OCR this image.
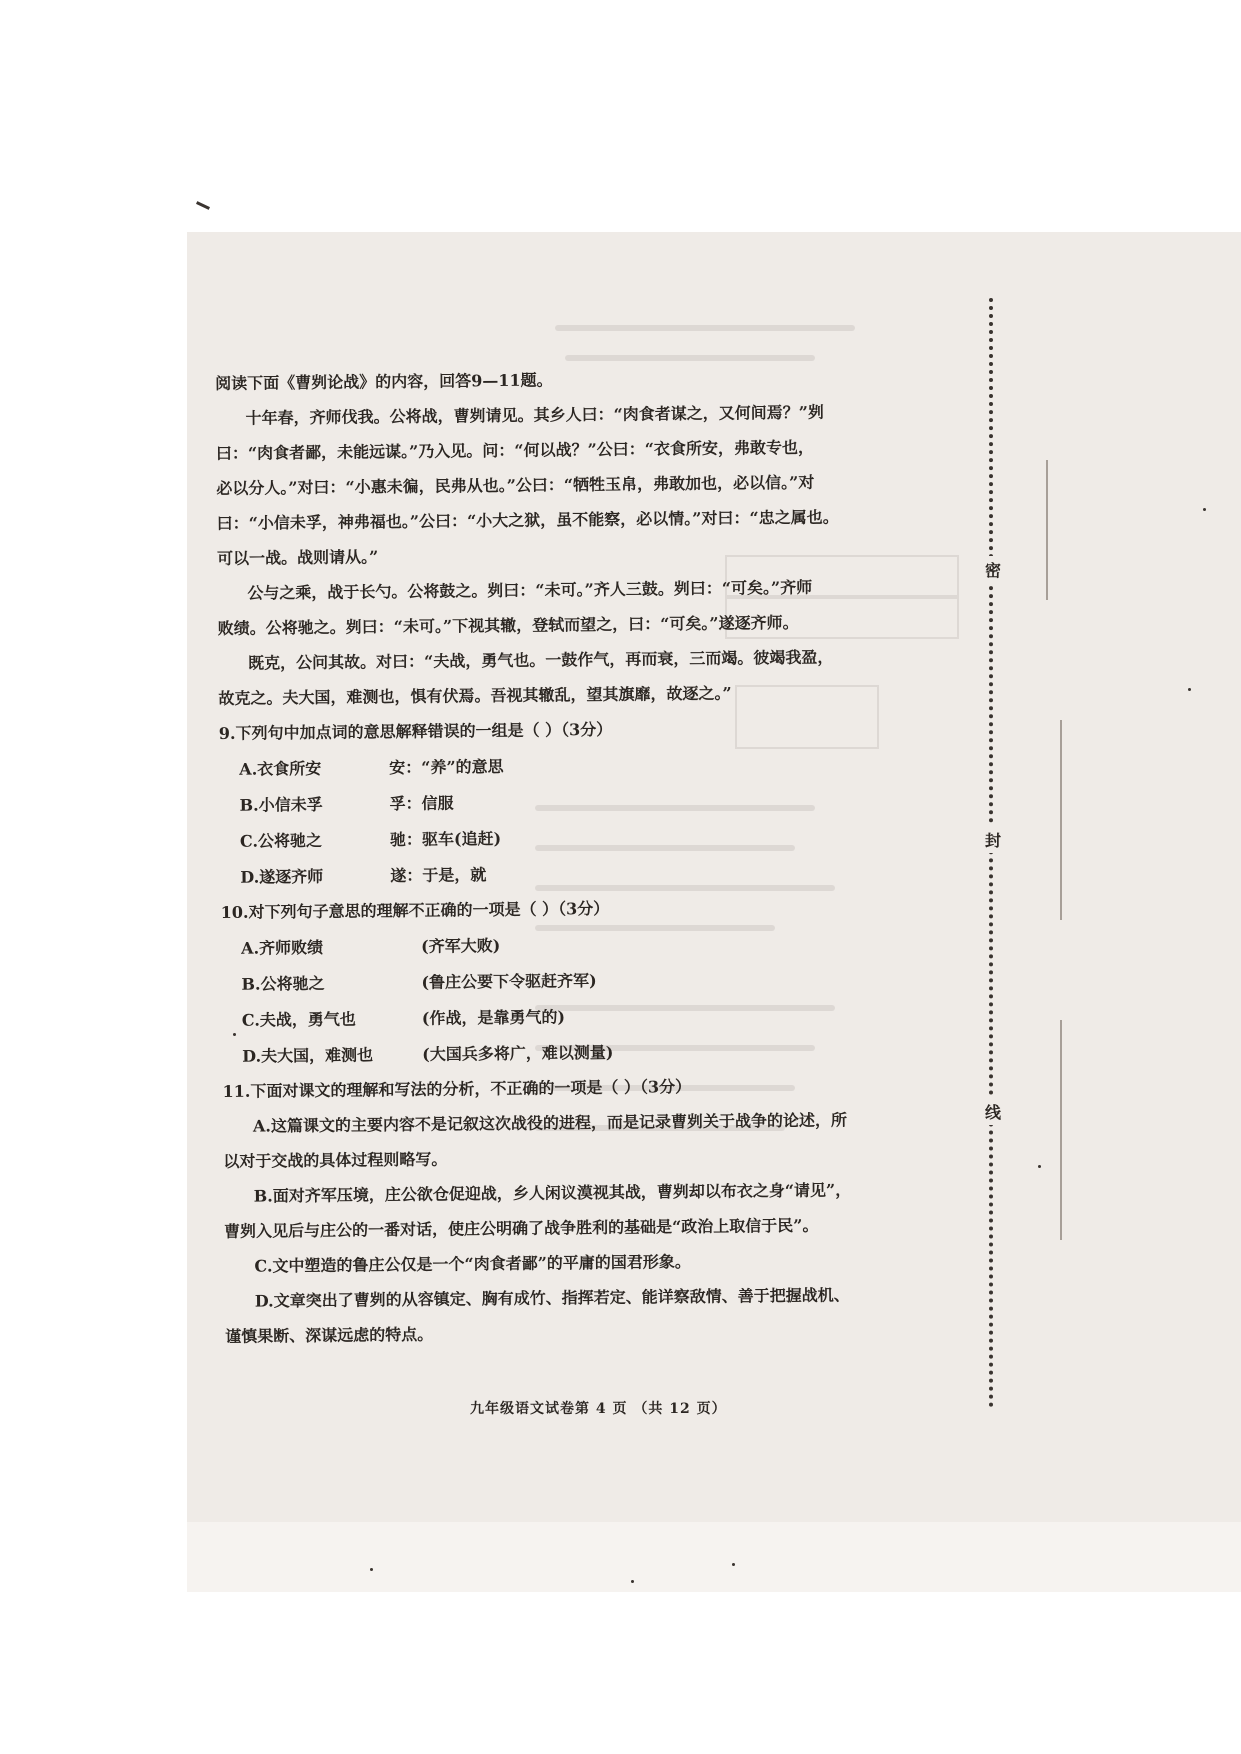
阅读下面《曹刿论战》的内容，回答9—11题。

十年春，齐师伐我。公将战，曹刿请见。其乡人曰：“肉食者谋之，又何间焉？”刿

曰：“肉食者鄙，未能远谋。”乃入见。问：“何以战？”公曰：“衣食所安，弗敢专也，

必以分人。”对曰：“小惠未徧，民弗从也。”公曰：“牺牲玉帛，弗敢加也，必以信。”对

曰：“小信未孚，神弗福也。”公曰：“小大之狱，虽不能察，必以情。”对曰：“忠之属也。

可以一战。战则请从。”

公与之乘，战于长勺。公将鼓之。刿曰：“未可。”齐人三鼓。刿曰：“可矣。”齐师

败绩。公将驰之。刿曰：“未可。”下视其辙，登轼而望之，曰：“可矣。”遂逐齐师。

既克，公问其故。对曰：“夫战，勇气也。一鼓作气，再而衰，三而竭。彼竭我盈，

故克之。夫大国，难测也，惧有伏焉。吾视其辙乱，望其旗靡，故逐之。”

9.下列句中加点词的意思解释错误的一组是（ ）（3分）

A.衣食所安	安：“养”的意思
B.小信未孚	孚：信服
C.公将驰之	驰：驱车(追赶)
D.遂逐齐师	遂：于是，就

10.对下列句子意思的理解不正确的一项是（ ）（3分）

A.齐师败绩	(齐军大败)
B.公将驰之	(鲁庄公要下令驱赶齐军)
C.夫战，勇气也	(作战，是靠勇气的)
D.夫大国，难测也	(大国兵多将广，难以测量)

11.下面对课文的理解和写法的分析，不正确的一项是（ ）（3分）

A.这篇课文的主要内容不是记叙这次战役的进程，而是记录曹刿关于战争的论述，所

以对于交战的具体过程则略写。

B.面对齐军压境，庄公欲仓促迎战，乡人闲议漠视其战，曹刿却以布衣之身“请见”，

曹刿入见后与庄公的一番对话，使庄公明确了战争胜利的基础是“政治上取信于民”。

C.文中塑造的鲁庄公仅是一个“肉食者鄙”的平庸的国君形象。

D.文章突出了曹刿的从容镇定、胸有成竹、指挥若定、能详察敌情、善于把握战机、

谨慎果断、深谋远虑的特点。

九年级语文试卷第 4 页 （共 12 页）
密
封
线
